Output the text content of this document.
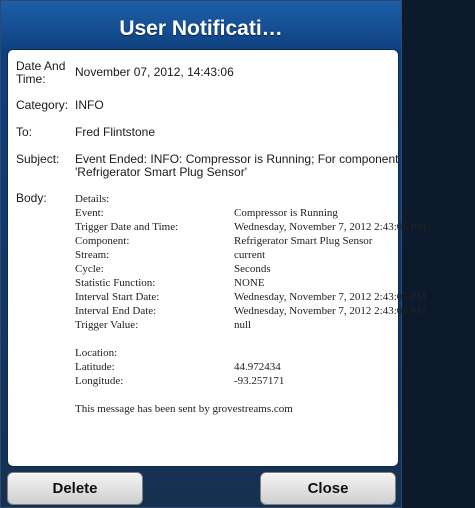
User Notificati…
Date And Time:	November 07, 2012, 14:43:06
Category: INFO
To:	Fred Flintstone
Subject:	Event Ended: INFO: Compressor is Running; For component 'Refrigerator Smart Plug Sensor'
Body:	Details:
Event:	Compressor is Running
Trigger Date and Time:	Wednesday, November 7, 2012 2:43:06 PM
Component:	Refrigerator Smart Plug Sensor
Stream:	current
Cycle:	Seconds
Statistic Function:	NONE
Interval Start Date:	Wednesday, November 7, 2012 2:43:05 PM
Interval End Date:	Wednesday, November 7, 2012 2:43:06 PM
Trigger Value:	null
Location:
Latitude:	44.972434
Longitude:	-93.257171
This message has been sent by grovestreams.com
Delete	Close
